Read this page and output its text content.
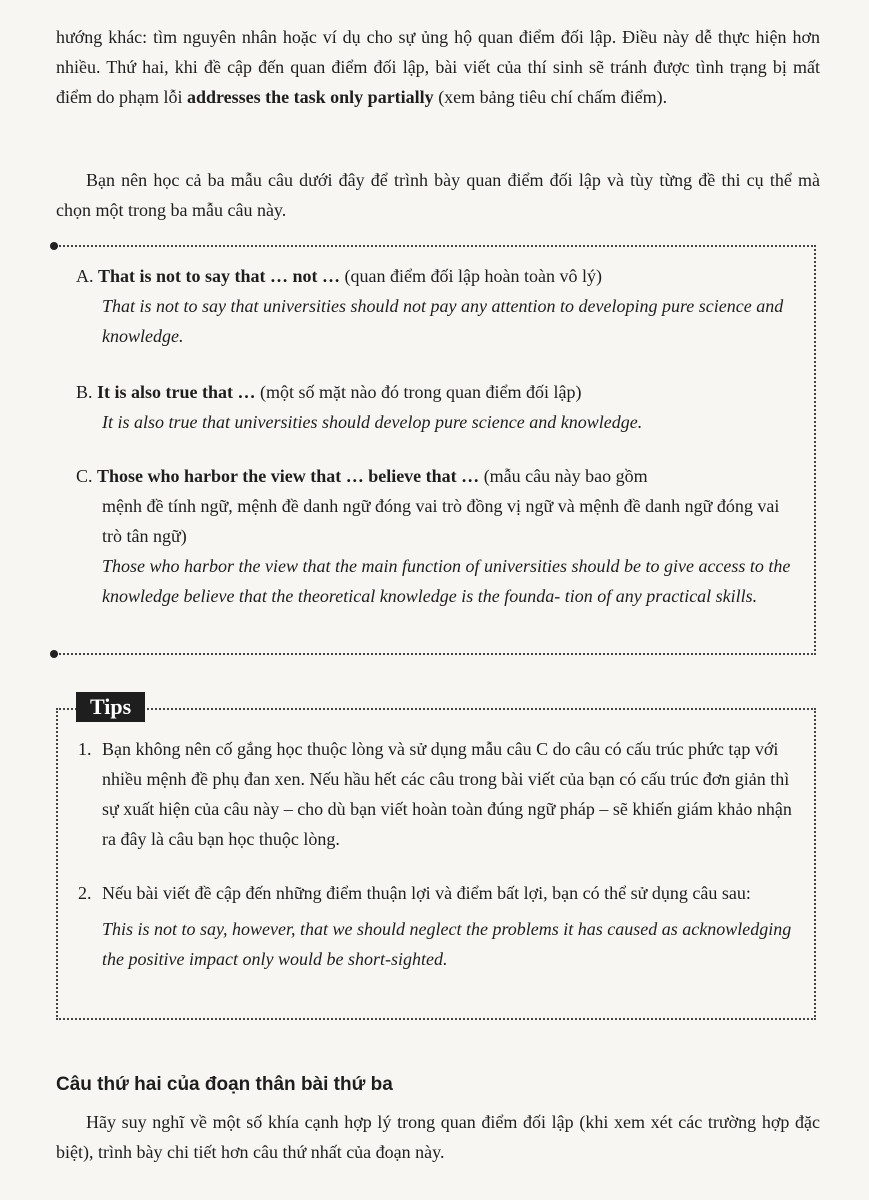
hướng khác: tìm nguyên nhân hoặc ví dụ cho sự ủng hộ quan điểm đối lập. Điều này dễ thực hiện hơn nhiều. Thứ hai, khi đề cập đến quan điểm đối lập, bài viết của thí sinh sẽ tránh được tình trạng bị mất điểm do phạm lỗi addresses the task only partially (xem bảng tiêu chí chấm điểm).

Bạn nên học cả ba mẫu câu dưới đây để trình bày quan điểm đối lập và tùy từng đề thi cụ thể mà chọn một trong ba mẫu câu này.

A. That is not to say that … not … (quan điểm đối lập hoàn toàn vô lý)
That is not to say that universities should not pay any attention to developing pure science and knowledge.
B. It is also true that … (một số mặt nào đó trong quan điểm đối lập)
It is also true that universities should develop pure science and knowledge.
C. Those who harbor the view that … believe that … (mẫu câu này bao gồm
mệnh đề tính ngữ, mệnh đề danh ngữ đóng vai trò đồng vị ngữ và mệnh đề danh ngữ đóng vai trò tân ngữ)
Those who harbor the view that the main function of universities should be to give access to the knowledge believe that the theoretical knowledge is the founda- tion of any practical skills.
Tips
1. Bạn không nên cố gắng học thuộc lòng và sử dụng mẫu câu C do câu có cấu trúc phức tạp với nhiều mệnh đề phụ đan xen. Nếu hầu hết các câu trong bài viết của bạn có cấu trúc đơn giản thì sự xuất hiện của câu này – cho dù bạn viết hoàn toàn đúng ngữ pháp – sẽ khiến giám khảo nhận ra đây là câu bạn học thuộc lòng.
2. Nếu bài viết đề cập đến những điểm thuận lợi và điểm bất lợi, bạn có thể sử dụng câu sau:
This is not to say, however, that we should neglect the problems it has caused as acknowledging the positive impact only would be short-sighted.
Câu thứ hai của đoạn thân bài thứ ba

Hãy suy nghĩ về một số khía cạnh hợp lý trong quan điểm đối lập (khi xem xét các trường hợp đặc biệt), trình bày chi tiết hơn câu thứ nhất của đoạn này.
